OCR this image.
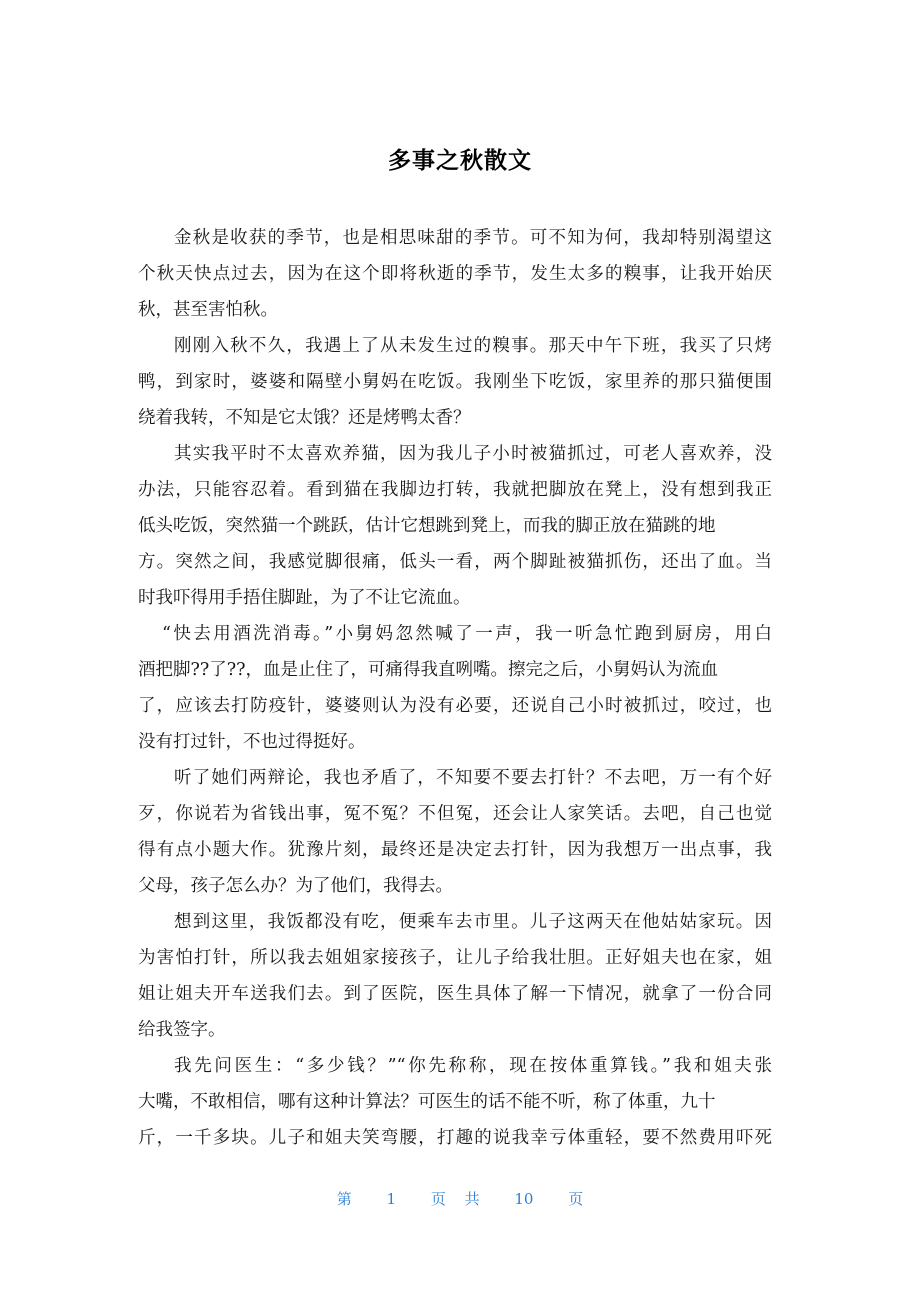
多事之秋散文
金秋是收获的季节，也是相思味甜的季节。可不知为何，我却特别渴望这
个秋天快点过去，因为在这个即将秋逝的季节，发生太多的糗事，让我开始厌
秋，甚至害怕秋。
刚刚入秋不久，我遇上了从未发生过的糗事。那天中午下班，我买了只烤
鸭，到家时，婆婆和隔壁小舅妈在吃饭。我刚坐下吃饭，家里养的那只猫便围
绕着我转，不知是它太饿？还是烤鸭太香？
其实我平时不太喜欢养猫，因为我儿子小时被猫抓过，可老人喜欢养，没
办法，只能容忍着。看到猫在我脚边打转，我就把脚放在凳上，没有想到我正
低头吃饭，突然猫一个跳跃，估计它想跳到凳上，而我的脚正放在猫跳的地
方。突然之间，我感觉脚很痛，低头一看，两个脚趾被猫抓伤，还出了血。当
时我吓得用手捂住脚趾，为了不让它流血。
“快去用酒洗消毒。”小舅妈忽然喊了一声，我一听急忙跑到厨房，用白
酒把脚??了??，血是止住了，可痛得我直咧嘴。擦完之后，小舅妈认为流血
了，应该去打防疫针，婆婆则认为没有必要，还说自己小时被抓过，咬过，也
没有打过针，不也过得挺好。
听了她们两辩论，我也矛盾了，不知要不要去打针？不去吧，万一有个好
歹，你说若为省钱出事，冤不冤？不但冤，还会让人家笑话。去吧，自己也觉
得有点小题大作。犹豫片刻，最终还是决定去打针，因为我想万一出点事，我
父母，孩子怎么办？为了他们，我得去。
想到这里，我饭都没有吃，便乘车去市里。儿子这两天在他姑姑家玩。因
为害怕打针，所以我去姐姐家接孩子，让儿子给我壮胆。正好姐夫也在家，姐
姐让姐夫开车送我们去。到了医院，医生具体了解一下情况，就拿了一份合同
给我签字。
我先问医生：“多少钱？”“你先称称，现在按体重算钱。”我和姐夫张
大嘴，不敢相信，哪有这种计算法？可医生的话不能不听，称了体重，九十
斤，一千多块。儿子和姐夫笑弯腰，打趣的说我幸亏体重轻，要不然费用吓死
第 1 页 共 10 页
